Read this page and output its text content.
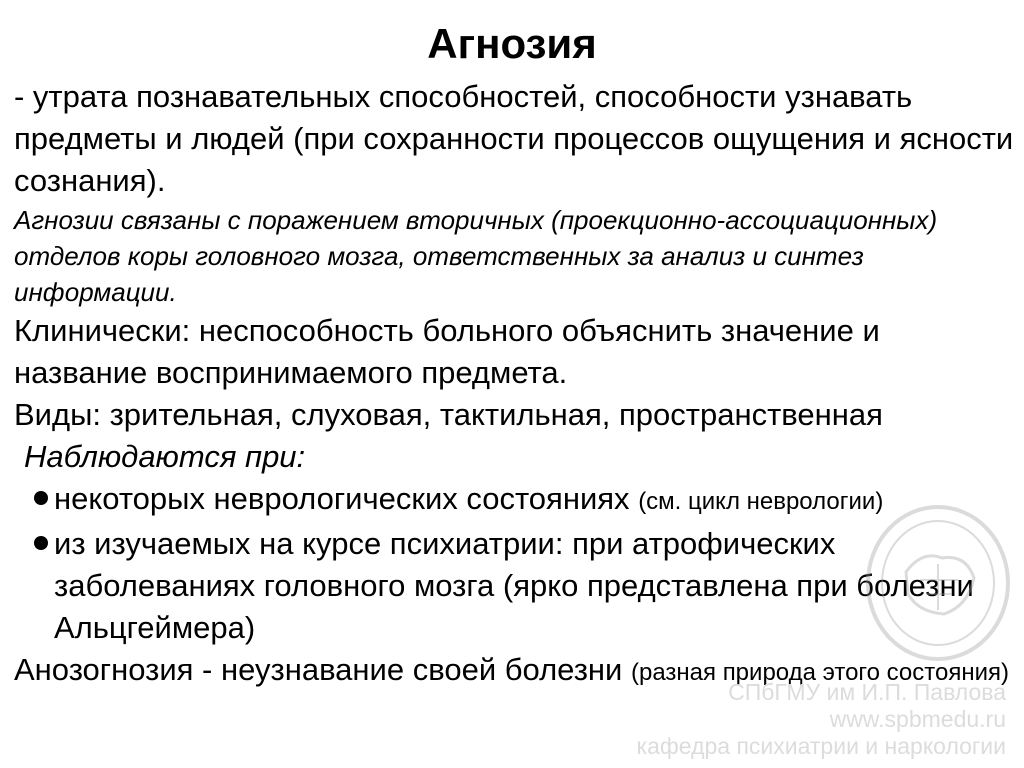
Агнозия

- утрата познавательных способностей, способности узнавать предметы и людей (при сохранности процессов ощущения и ясности сознания).

Агнозии связаны с поражением вторичных (проекционно-ассоциационных) отделов коры головного мозга, ответственных за анализ и синтез информации.

Клинически: неспособность больного объяснить значение и название воспринимаемого предмета.

Виды: зрительная, слуховая, тактильная, пространственная

Наблюдаются при:

некоторых неврологических состояниях (см. цикл неврологии)
из изучаемых на курсе психиатрии: при атрофических заболеваниях головного мозга (ярко представлена при болезни Альцгеймера)

Анозогнозия - неузнавание своей болезни (разная природа этого состояния)

СПбГМУ им И.П. Павлова
www.spbmedu.ru
кафедра психиатрии и наркологии
